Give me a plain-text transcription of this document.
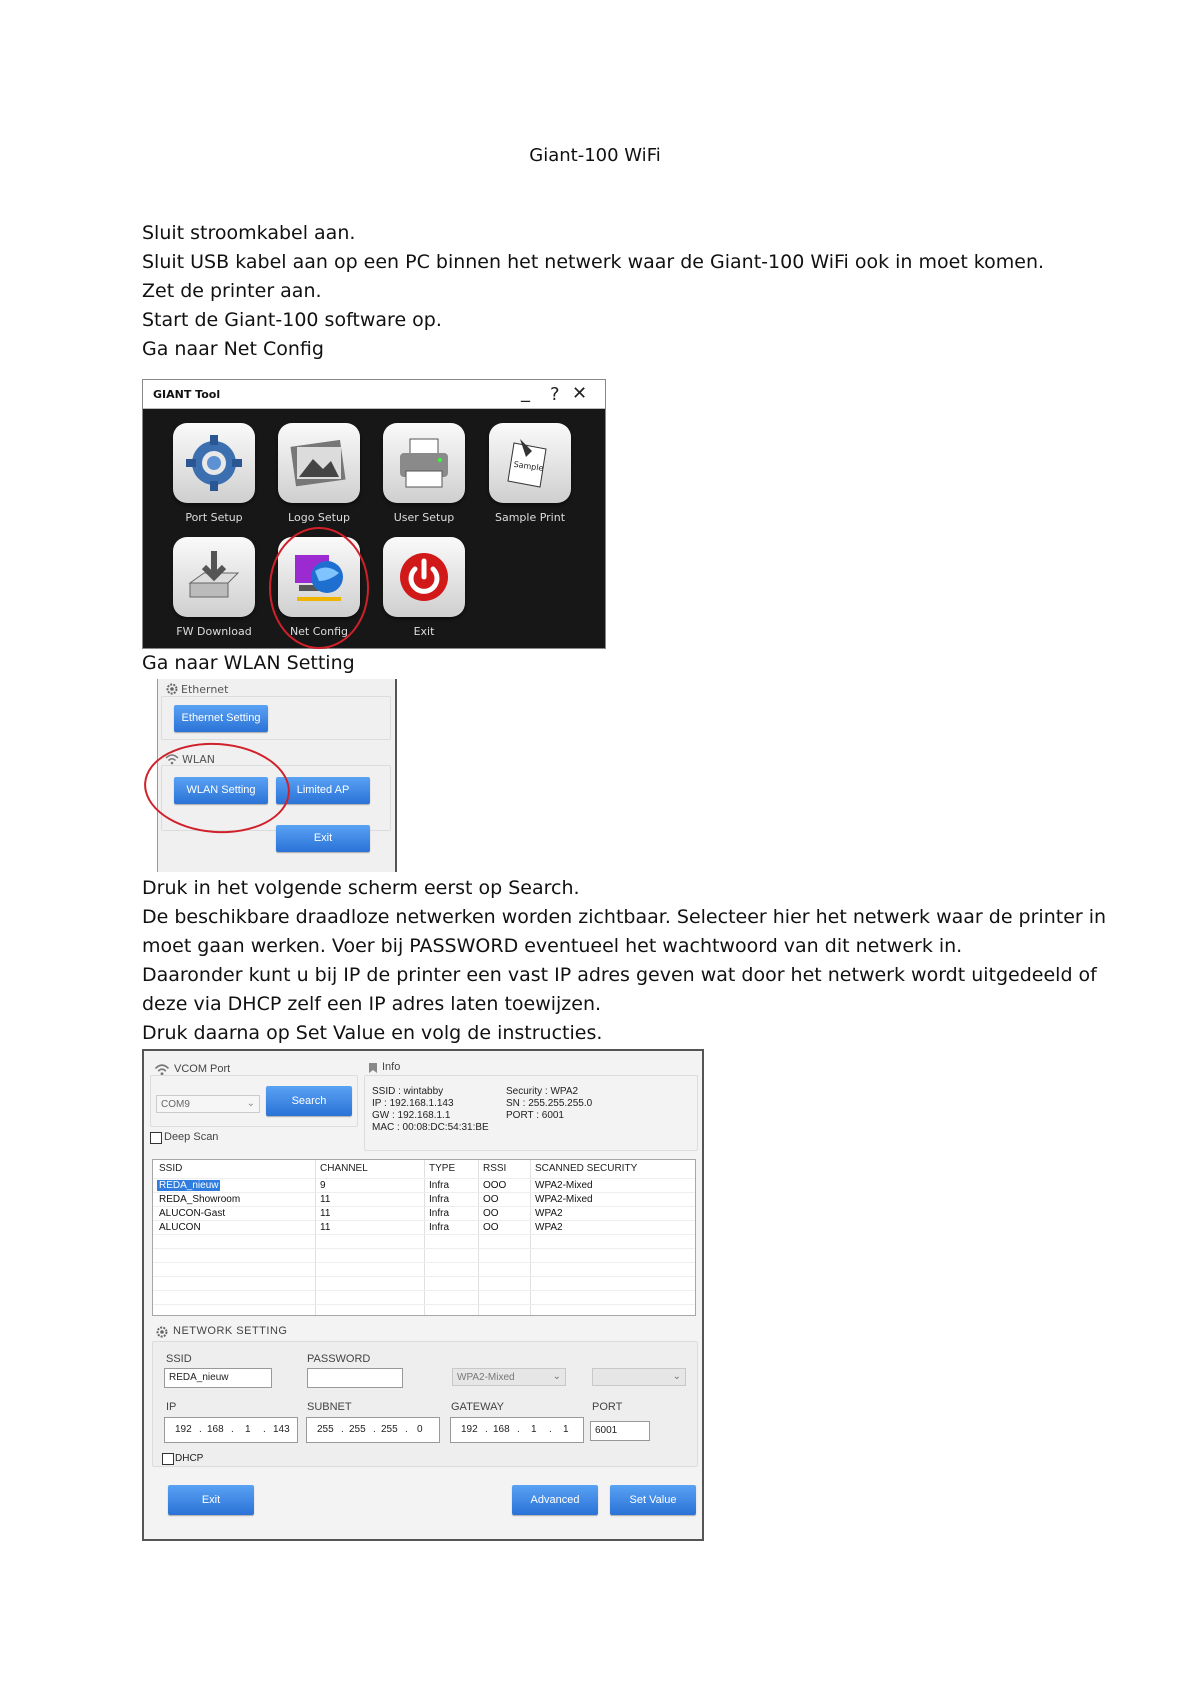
Giant-100 WiFi

Sluit stroomkabel aan.

Sluit USB kabel aan op een PC binnen het netwerk waar de Giant-100 WiFi ook in moet komen.

Zet de printer aan.

Start de Giant-100 software op.

Ga naar Net Config

GIANT Tool	_ ? ✕
Port Setup	Logo Setup	User Setup
Sample
Sample Print
FW Download	Net Config	Exit
Ga naar WLAN Setting
Ethernet
Ethernet Setting
WLAN
WLAN Setting	Limited AP
Exit

Druk in het volgende scherm eerst op Search.

De beschikbare draadloze netwerken worden zichtbaar. Selecteer hier het netwerk waar de printer in

moet gaan werken. Voer bij PASSWORD eventueel het wachtwoord van dit netwerk in.

Daaronder kunt u bij IP de printer een vast IP adres geven wat door het netwerk wordt uitgedeeld of

deze via DHCP zelf een IP adres laten toewijzen.

Druk daarna op Set Value en volg de instructies.

VCOM Port
COM9	⌄	Search
Deep Scan
Info
SSID : wintabby
IP : 192.168.1.143
GW : 192.168.1.1
MAC : 00:08:DC:54:31:BE
Security : WPA2
SN : 255.255.255.0
PORT : 6001
SSID	CHANNEL	TYPE	RSSI	SCANNED SECURITY
REDA_nieuw	9	Infra	OOO	WPA2-Mixed
REDA_Showroom	11	Infra	OO	WPA2-Mixed
ALUCON-Gast	11	Infra	OO	WPA2
ALUCON	11	Infra	OO	WPA2
NETWORK SETTING
SSID
REDA_nieuw
PASSWORD
WPA2-Mixed	⌄	⌄
IP
192 . 168 . 1 . 143
SUBNET
255 . 255 . 255 . 0
GATEWAY
192 . 168 . 1 . 1
PORT
6001
DHCP
Exit	Advanced	Set Value
